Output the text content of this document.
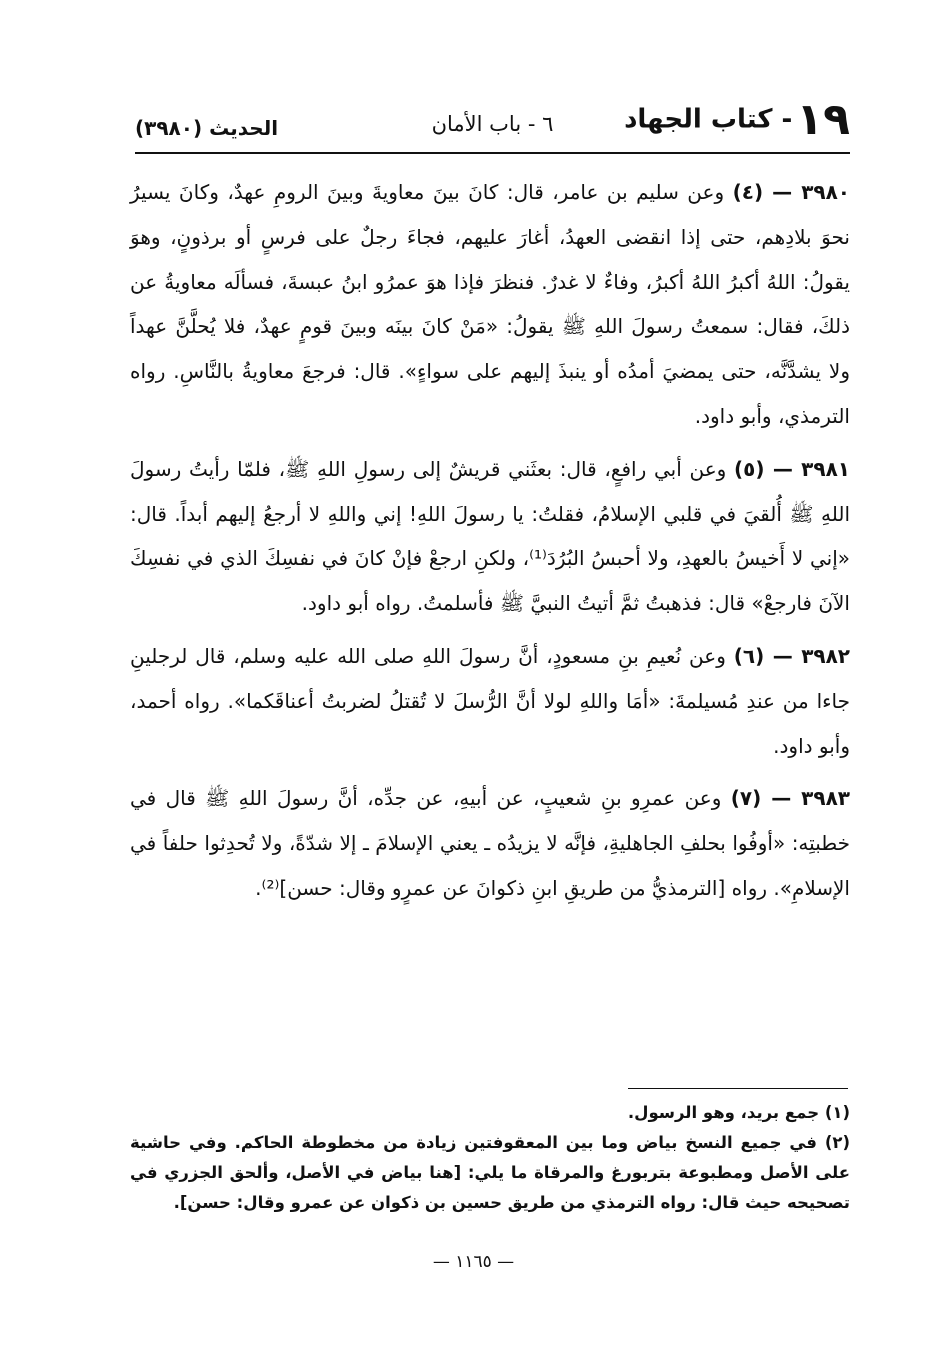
١٩- كتاب الجهاد
٦ - باب الأمان
الحديث (٣٩٨٠)

٣٩٨٠ — (٤) وعن سليم بن عامر، قال: كانَ بينَ معاويةَ وبينَ الرومِ عهدٌ، وكانَ يسيرُ نحوَ بلادِهم، حتى إذا انقضى العهدُ، أغارَ عليهم، فجاءَ رجلٌ على فرسٍ أو برذونٍ، وهوَ يقولُ: اللهُ أكبرُ اللهُ أكبرُ، وفاءٌ لا غدرٌ. فنظرَ فإذا هوَ عمرُو ابنُ عبسةَ، فسألَه معاويةُ عن ذلكَ، فقال: سمعتُ رسولَ اللهِ ﷺ يقولُ: «مَنْ كانَ بينَه وبينَ قومٍ عهدٌ، فلا يُحلَّنَّ عهداً ولا يشدَّنَّه، حتى يمضيَ أمدُه أو ينبذَ إليهم على سواءٍ». قال: فرجعَ معاويةُ بالنَّاسِ. رواه الترمذي، وأبو داود.

٣٩٨١ — (٥) وعن أبي رافعٍ، قال: بعثَني قريشٌ إلى رسولِ اللهِ ﷺ، فلمّا رأيتُ رسولَ اللهِ ﷺ أُلقيَ في قلبي الإسلامُ، فقلتُ: يا رسولَ اللهِ! إني واللهِ لا أرجعُ إليهم أبداً. قال: «إني لا أَخيسُ بالعهدِ، ولا أحبسُ البُرُدَ⁽¹⁾، ولكنِ ارجعْ فإنْ كانَ في نفسِكَ الذي في نفسِكَ الآنَ فارجعْ» قال: فذهبتُ ثمَّ أتيتُ النبيَّ ﷺ فأسلمتُ. رواه أبو داود.

٣٩٨٢ — (٦) وعن نُعيمِ بنِ مسعودٍ، أنَّ رسولَ اللهِ صلى الله عليه وسلم، قال لرجلينِ جاءا من عندِ مُسيلمةَ: «أمَا واللهِ لولا أنَّ الرُّسلَ لا تُقتلُ لضربتُ أعناقَكما». رواه أحمد، وأبو داود.

٣٩٨٣ — (٧) وعن عمرِو بنِ شعيبٍ، عن أبيهِ، عن جدِّه، أنَّ رسولَ اللهِ ﷺ قال في خطبتِه: «أوفُوا بحلفِ الجاهليةِ، فإنَّه لا يزيدُه ـ يعني الإسلامَ ـ إلا شدّةً، ولا تُحدِثوا حلفاً في الإسلامِ». رواه [الترمذيُّ من طريقِ ابنِ ذكوانَ عن عمرٍو وقال: حسن]⁽²⁾.

(١) جمع بريد، وهو الرسول.

(٢) في جميع النسخ بياض وما بين المعقوفتين زيادة من مخطوطة الحاكم. وفي حاشية على الأصل ومطبوعة بتربورغ والمرقاة ما يلي: [هنا بياض في الأصل، وألحق الجزري في تصحيحه حيث قال: رواه الترمذي من طريق حسين بن ذكوان عن عمرو وقال: حسن].

— ١١٦٥ —
